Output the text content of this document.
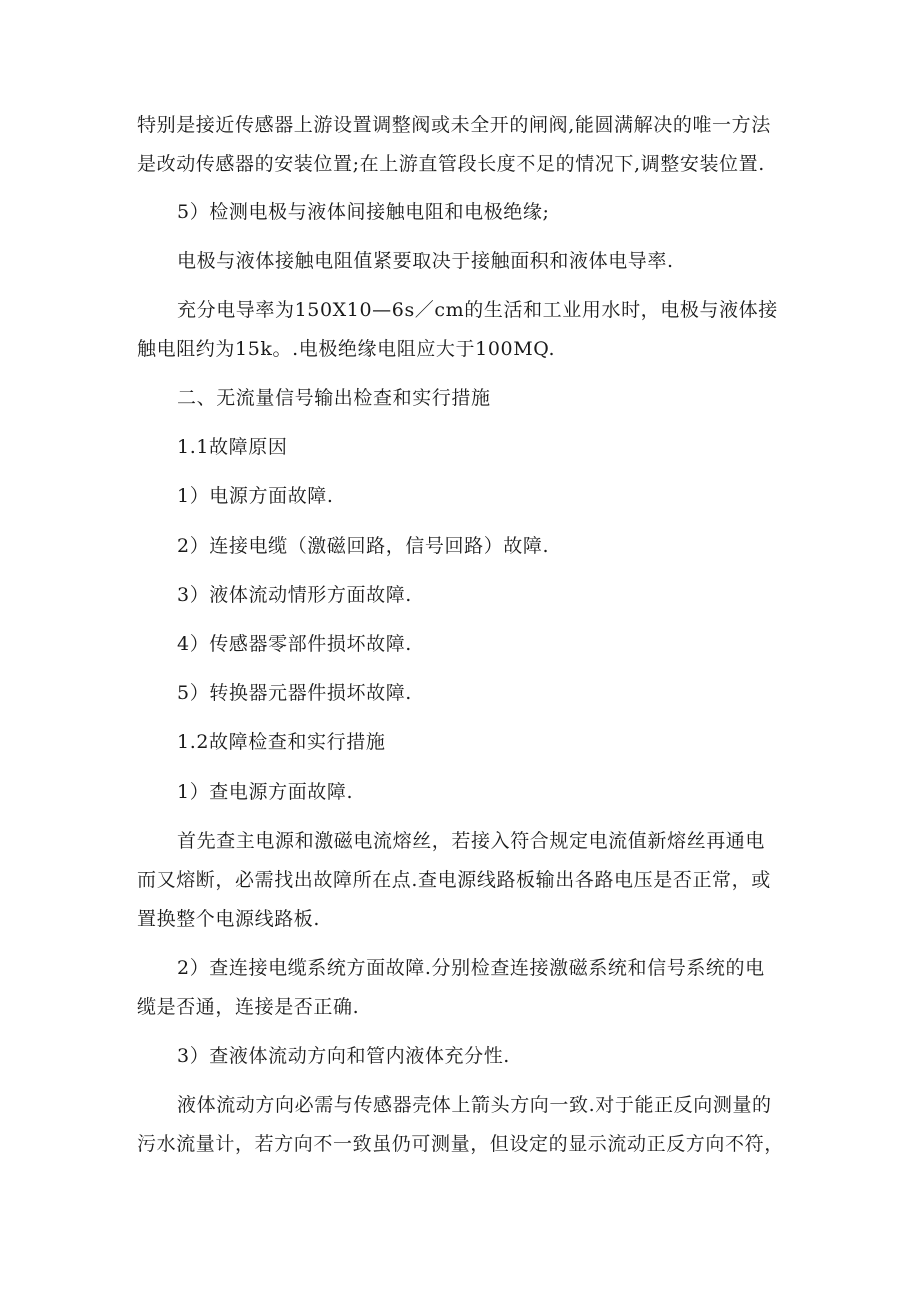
特别是接近传感器上游设置调整阀或未全开的闸阀,能圆满解决的唯一方法
是改动传感器的安装位置;在上游直管段长度不足的情况下,调整安装位置.
5）检测电极与液体间接触电阻和电极绝缘;
电极与液体接触电阻值紧要取决于接触面积和液体电导率.
充分电导率为150X10—6s／cm的生活和工业用水时，电极与液体接
触电阻约为15k。.电极绝缘电阻应大于100MQ.
二、无流量信号输出检查和实行措施
1.1故障原因
1）电源方面故障.
2）连接电缆（激磁回路，信号回路）故障.
3）液体流动情形方面故障.
4）传感器零部件损坏故障.
5）转换器元器件损坏故障.
1.2故障检查和实行措施
1）查电源方面故障.
首先查主电源和激磁电流熔丝，若接入符合规定电流值新熔丝再通电
而又熔断，必需找出故障所在点.查电源线路板输出各路电压是否正常，或
置换整个电源线路板.
2）查连接电缆系统方面故障.分别检查连接激磁系统和信号系统的电
缆是否通，连接是否正确.
3）查液体流动方向和管内液体充分性.
液体流动方向必需与传感器壳体上箭头方向一致.对于能正反向测量的
污水流量计，若方向不一致虽仍可测量，但设定的显示流动正反方向不符，
